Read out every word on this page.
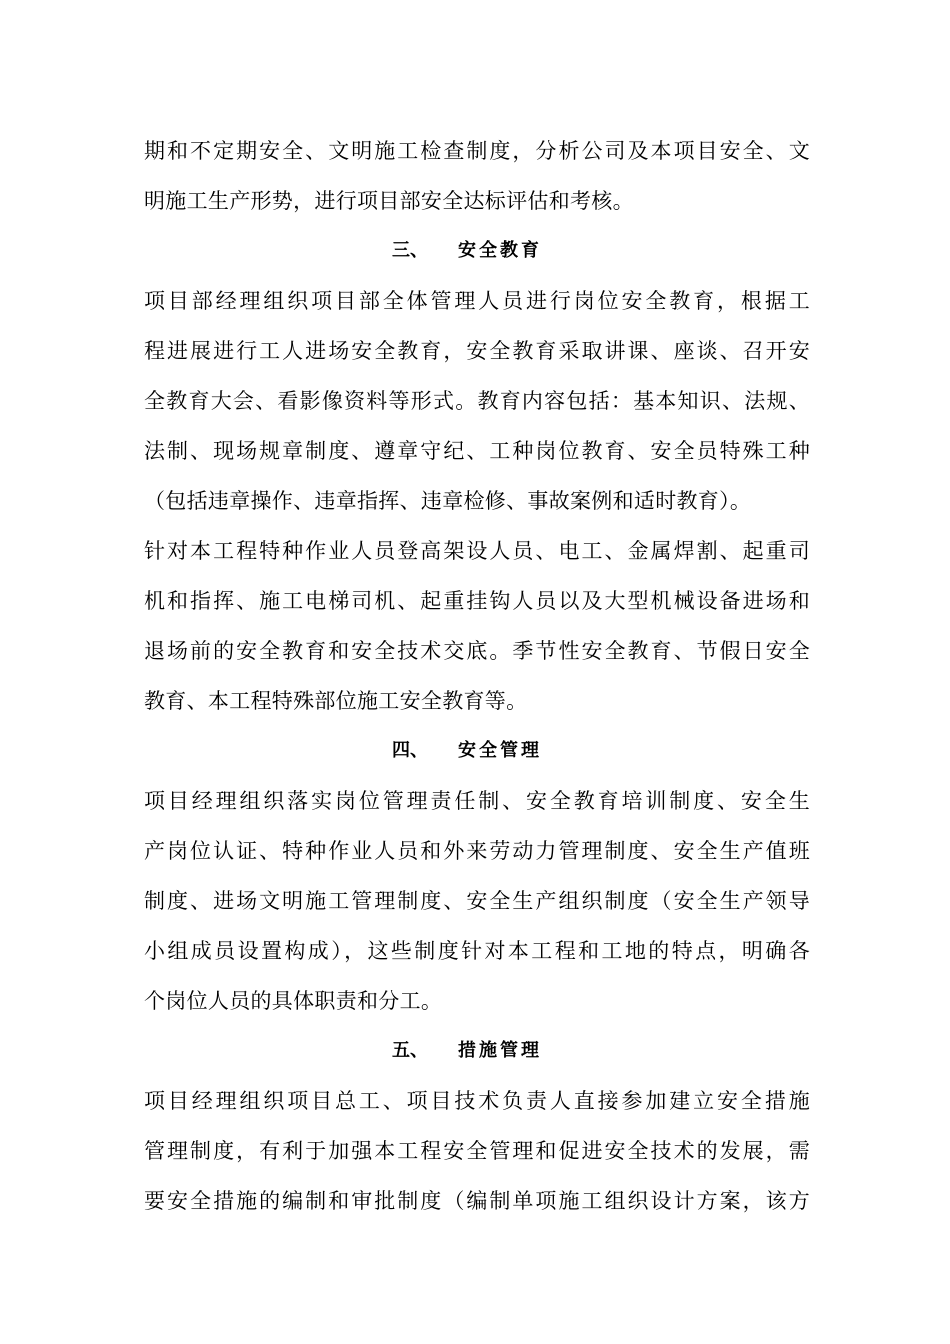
期和不定期安全、文明施工检查制度，分析公司及本项目安全、文
明施工生产形势，进行项目部安全达标评估和考核。
三、 安全教育
项目部经理组织项目部全体管理人员进行岗位安全教育，根据工
程进展进行工人进场安全教育，安全教育采取讲课、座谈、召开安
全教育大会、看影像资料等形式。教育内容包括：基本知识、法规、
法制、现场规章制度、遵章守纪、工种岗位教育、安全员特殊工种
（包括违章操作、违章指挥、违章检修、事故案例和适时教育）。
针对本工程特种作业人员登高架设人员、电工、金属焊割、起重司
机和指挥、施工电梯司机、起重挂钩人员以及大型机械设备进场和
退场前的安全教育和安全技术交底。季节性安全教育、节假日安全
教育、本工程特殊部位施工安全教育等。
四、 安全管理
项目经理组织落实岗位管理责任制、安全教育培训制度、安全生
产岗位认证、特种作业人员和外来劳动力管理制度、安全生产值班
制度、进场文明施工管理制度、安全生产组织制度（安全生产领导
小组成员设置构成），这些制度针对本工程和工地的特点，明确各
个岗位人员的具体职责和分工。
五、 措施管理
项目经理组织项目总工、项目技术负责人直接参加建立安全措施
管理制度，有利于加强本工程安全管理和促进安全技术的发展，需
要安全措施的编制和审批制度（编制单项施工组织设计方案，该方
